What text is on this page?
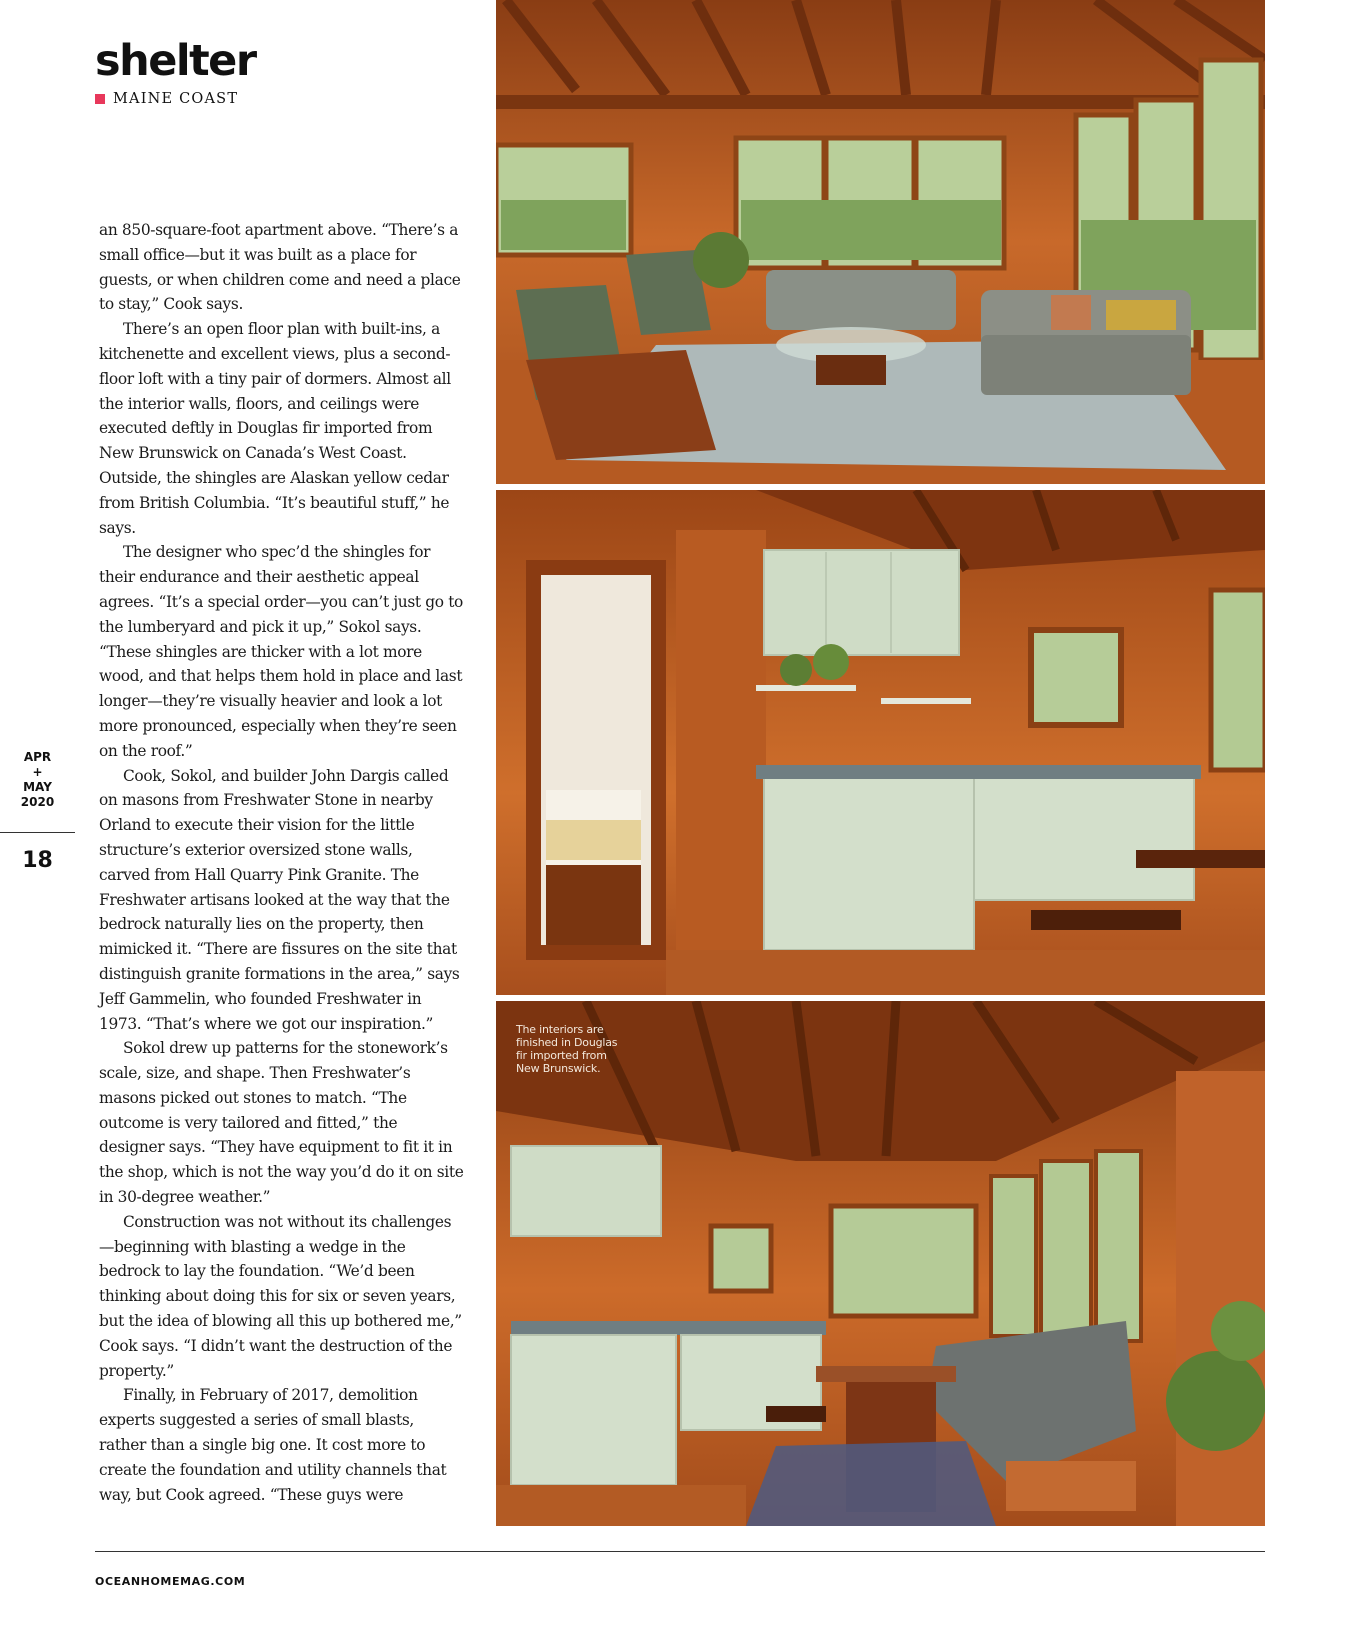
shelter
MAINE COAST
APR
+
MAY
2020
18

an 850-square-foot apartment above. “There’s a small office—but it was built as a place for guests, or when children come and need a place to stay,” Cook says.

There’s an open floor plan with built-ins, a kitchenette and excellent views, plus a second-floor loft with a tiny pair of dormers. Almost all the interior walls, floors, and ceilings were executed deftly in Douglas fir imported from New Brunswick on Canada’s West Coast. Outside, the shingles are Alaskan yellow cedar from British Columbia. “It’s beautiful stuff,” he says.

The designer who spec’d the shingles for their endurance and their aesthetic appeal agrees. “It’s a special order—you can’t just go to the lumberyard and pick it up,” Sokol says. “These shingles are thicker with a lot more wood, and that helps them hold in place and last longer—they’re visually heavier and look a lot more pronounced, especially when they’re seen on the roof.”

Cook, Sokol, and builder John Dargis called on masons from Freshwater Stone in nearby Orland to execute their vision for the little structure’s exterior oversized stone walls, carved from Hall Quarry Pink Granite. The Freshwater artisans looked at the way that the bedrock naturally lies on the property, then mimicked it. “There are fissures on the site that distinguish granite formations in the area,” says Jeff Gammelin, who founded Freshwater in 1973. “That’s where we got our inspiration.”

Sokol drew up patterns for the stonework’s scale, size, and shape. Then Freshwater’s masons picked out stones to match. “The outcome is very tailored and fitted,” the designer says. “They have equipment to fit it in the shop, which is not the way you’d do it on site in 30-degree weather.”

Construction was not without its challenges—beginning with blasting a wedge in the bedrock to lay the foundation. “We’d been thinking about doing this for six or seven years, but the idea of blowing all this up bothered me,” Cook says. “I didn’t want the destruction of the property.”

Finally, in February of 2017, demolition experts suggested a series of small blasts, rather than a single big one. It cost more to create the foundation and utility channels that way, but Cook agreed. “These guys were

The interiors are finished in Douglas fir imported from New Brunswick.
OCEANHOMEMAG.COM
